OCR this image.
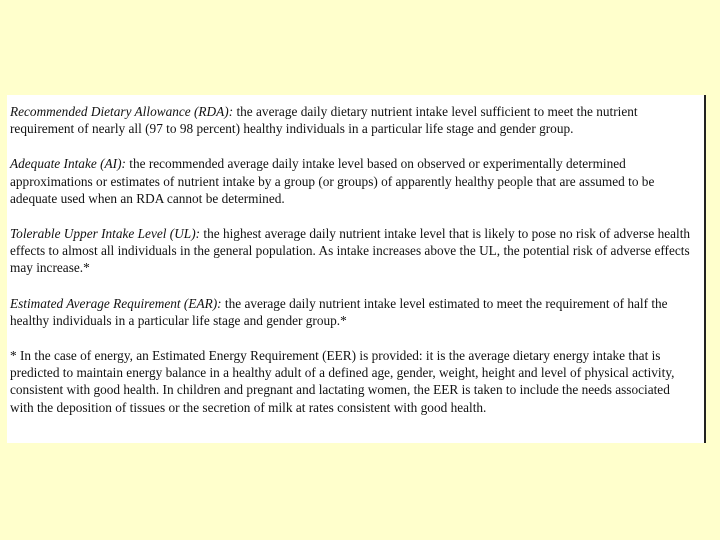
Recommended Dietary Allowance (RDA): the average daily dietary nutrient intake level sufficient to meet the nutrient requirement of nearly all (97 to 98 percent) healthy individuals in a particular life stage and gender group.

Adequate Intake (AI): the recommended average daily intake level based on observed or experimentally determined approximations or estimates of nutrient intake by a group (or groups) of apparently healthy people that are assumed to be adequate used when an RDA cannot be determined.

Tolerable Upper Intake Level (UL): the highest average daily nutrient intake level that is likely to pose no risk of adverse health effects to almost all individuals in the general population. As intake increases above the UL, the potential risk of adverse effects may increase.*

Estimated Average Requirement (EAR): the average daily nutrient intake level estimated to meet the requirement of half the healthy individuals in a particular life stage and gender group.*

* In the case of energy, an Estimated Energy Requirement (EER) is provided: it is the average dietary energy intake that is predicted to maintain energy balance in a healthy adult of a defined age, gender, weight, height and level of physical activity, consistent with good health. In children and pregnant and lactating women, the EER is taken to include the needs associated with the deposition of tissues or the secretion of milk at rates consistent with good health.
